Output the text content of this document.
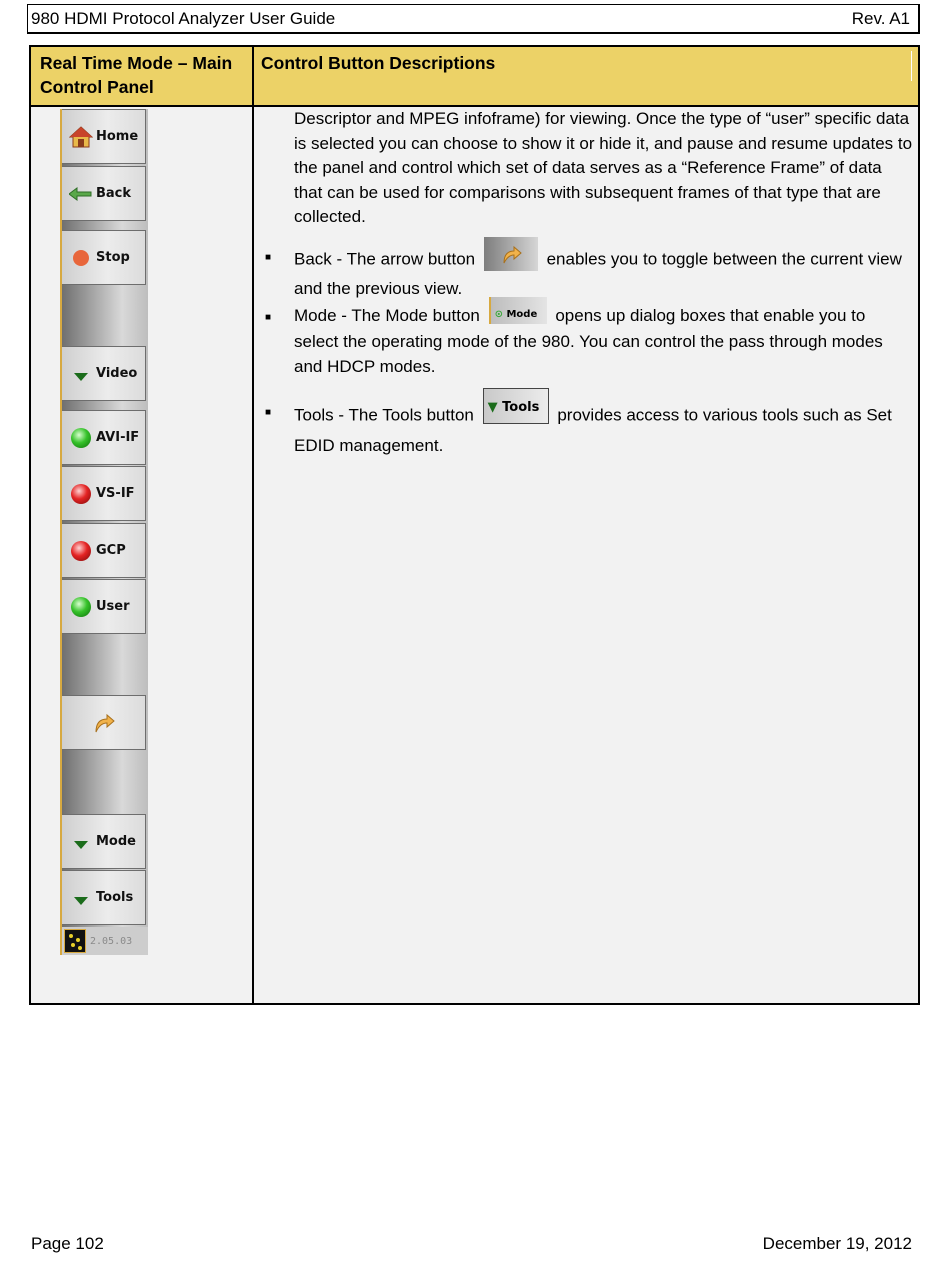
980 HDMI Protocol Analyzer User Guide	Rev. A1
Real Time Mode – Main Control Panel
Control Button Descriptions
Home
Back
Stop
Video
AVI-IF
VS-IF
GCP
User
Mode
Tools
2.05.03
Descriptor and MPEG infoframe) for viewing. Once the type of “user” specific data is selected you can choose to show it or hide it, and pause and resume updates to the panel and control which set of data serves as a “Reference Frame” of data that can be used for comparisons with subsequent frames of that type that are collected.
■ Back - The arrow button	enables you to toggle between the current view and the previous view.
■ Mode - The Mode button ⊙ Mode opens up dialog boxes that enable you to select the operating mode of the 980. You can control the pass through modes and HDCP modes.
■ Tools - The Tools button ▼ Tools provides access to various tools such as Set EDID management.
Page 102	December 19, 2012
